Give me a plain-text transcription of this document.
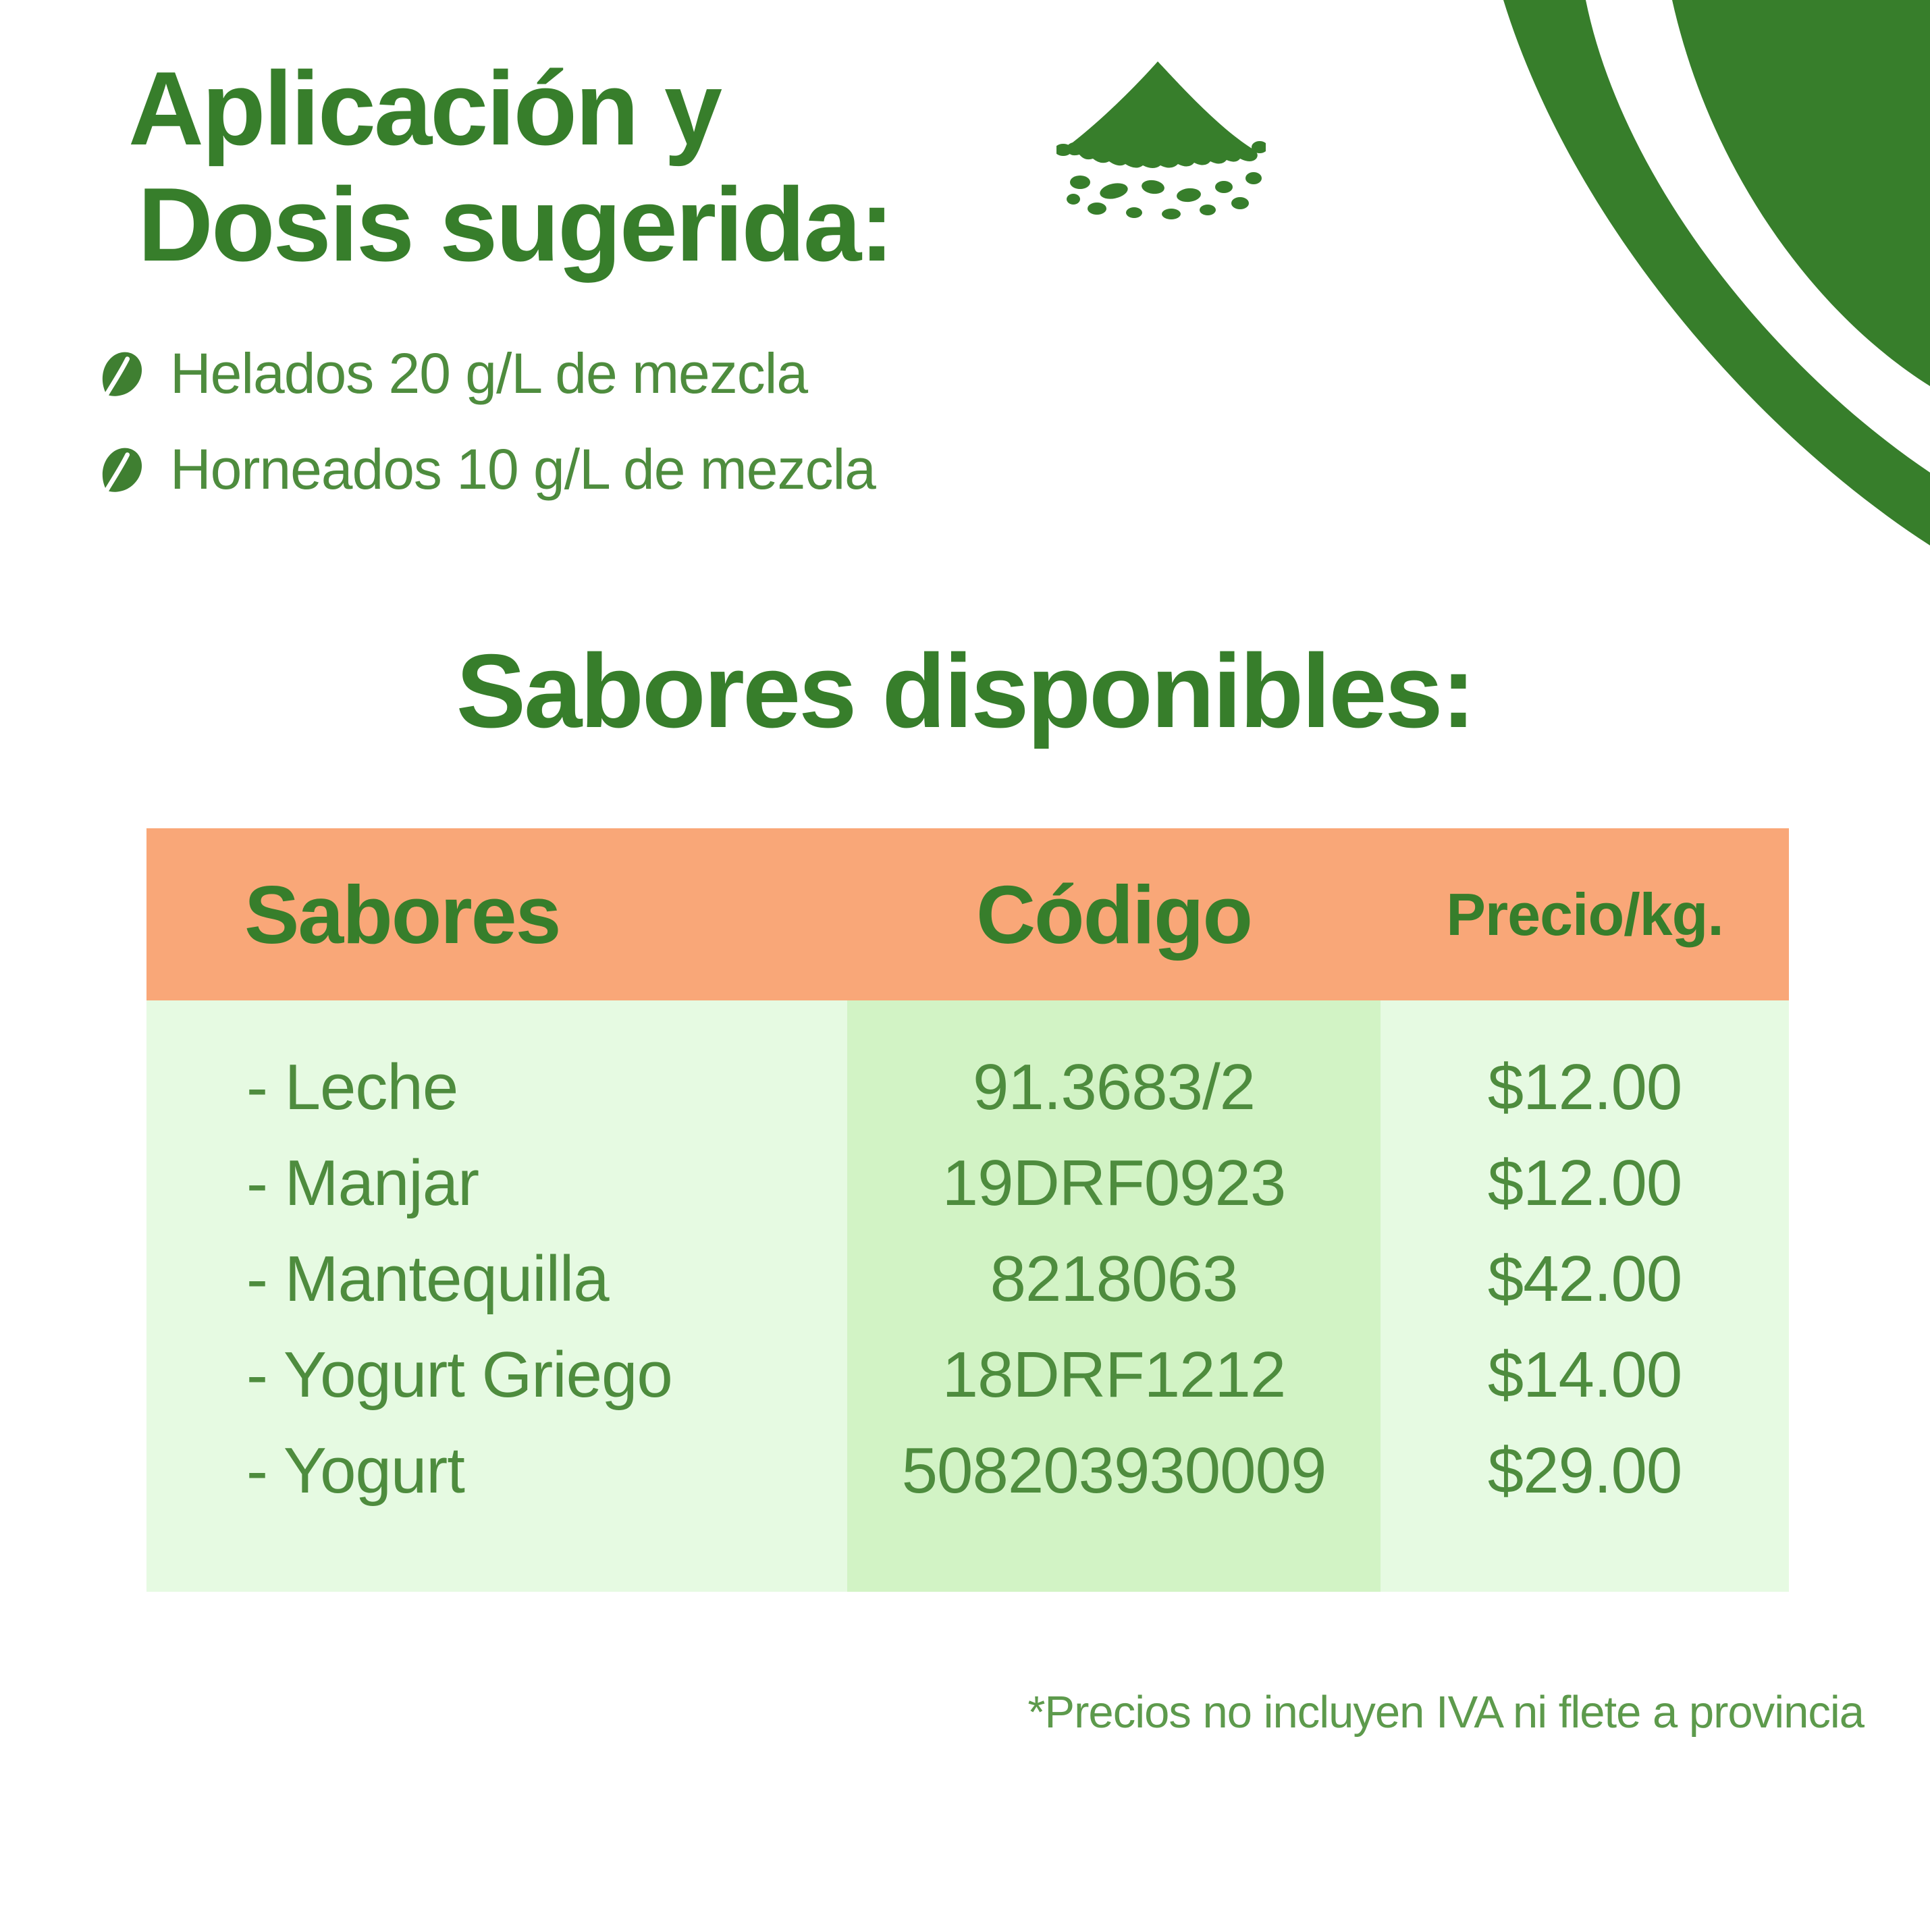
Aplicación y
Dosis sugerida:
Helados 20 g/L de mezcla
Horneados 10 g/L de mezcla
Sabores disponibles:
Sabores	Código	Precio/kg.
- Leche	91.3683/2	$12.00
- Manjar	19DRF0923	$12.00
- Mantequilla	8218063	$42.00
- Yogurt Griego	18DRF1212	$14.00
- Yogurt	508203930009	$29.00
*Precios no incluyen IVA ni flete a provincia
